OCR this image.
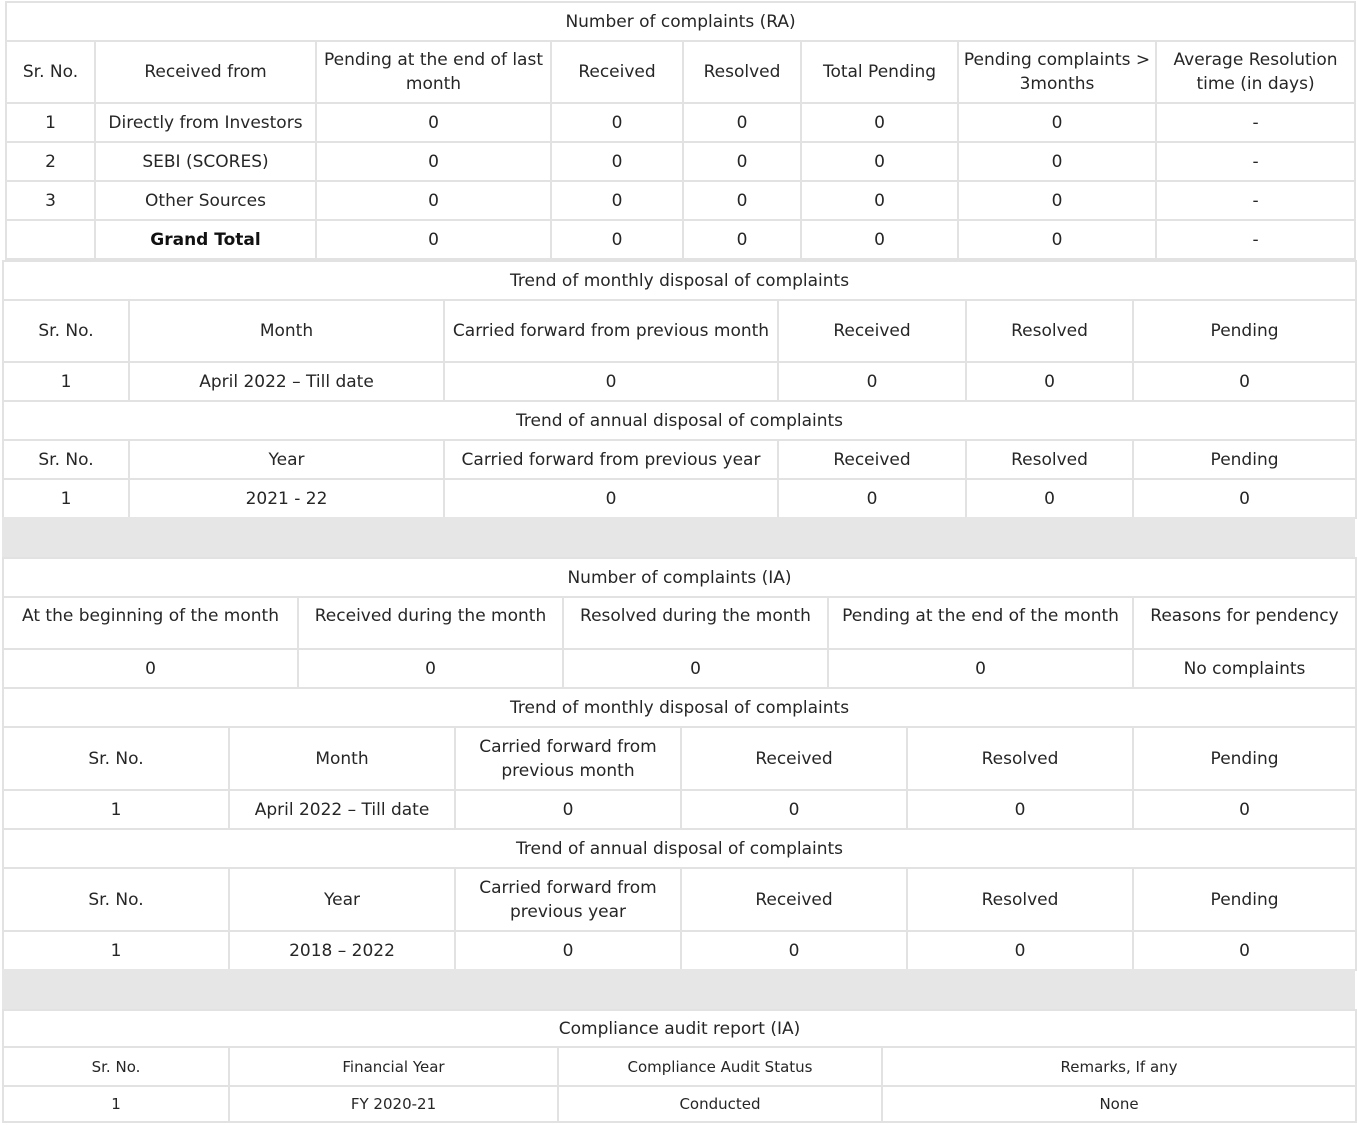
Number of complaints (RA)							
Sr. No.	Received from	Pending at the end of last month	Received	Resolved	Total Pending	Pending complaints > 3months	Average Resolution time (in days)
1	Directly from Investors	0	0	0	0	0	-
2	SEBI (SCORES)	0	0	0	0	0	-
3	Other Sources	0	0	0	0	0	-
	Grand Total	0	0	0	0	0	-
Trend of monthly disposal of complaints					
Sr. No.	Month	Carried forward from previous month	Received	Resolved	Pending
1	April 2022 – Till date	0	0	0	0
Trend of annual disposal of complaints					
Sr. No.	Year	Carried forward from previous year	Received	Resolved	Pending
1	2021 - 22	0	0	0	0
Number of complaints (IA)				
At the beginning of the month	Received during the month	Resolved during the month	Pending at the end of the month	Reasons for pendency
0	0	0	0	No complaints
Trend of monthly disposal of complaints					
Sr. No.	Month	Carried forward from previous month	Received	Resolved	Pending
1	April 2022 – Till date	0	0	0	0
Trend of annual disposal of complaints					
Sr. No.	Year	Carried forward from previous year	Received	Resolved	Pending
1	2018 – 2022	0	0	0	0
Compliance audit report (IA)			
Sr. No.	Financial Year	Compliance Audit Status	Remarks, If any
1	FY 2020-21	Conducted	None
